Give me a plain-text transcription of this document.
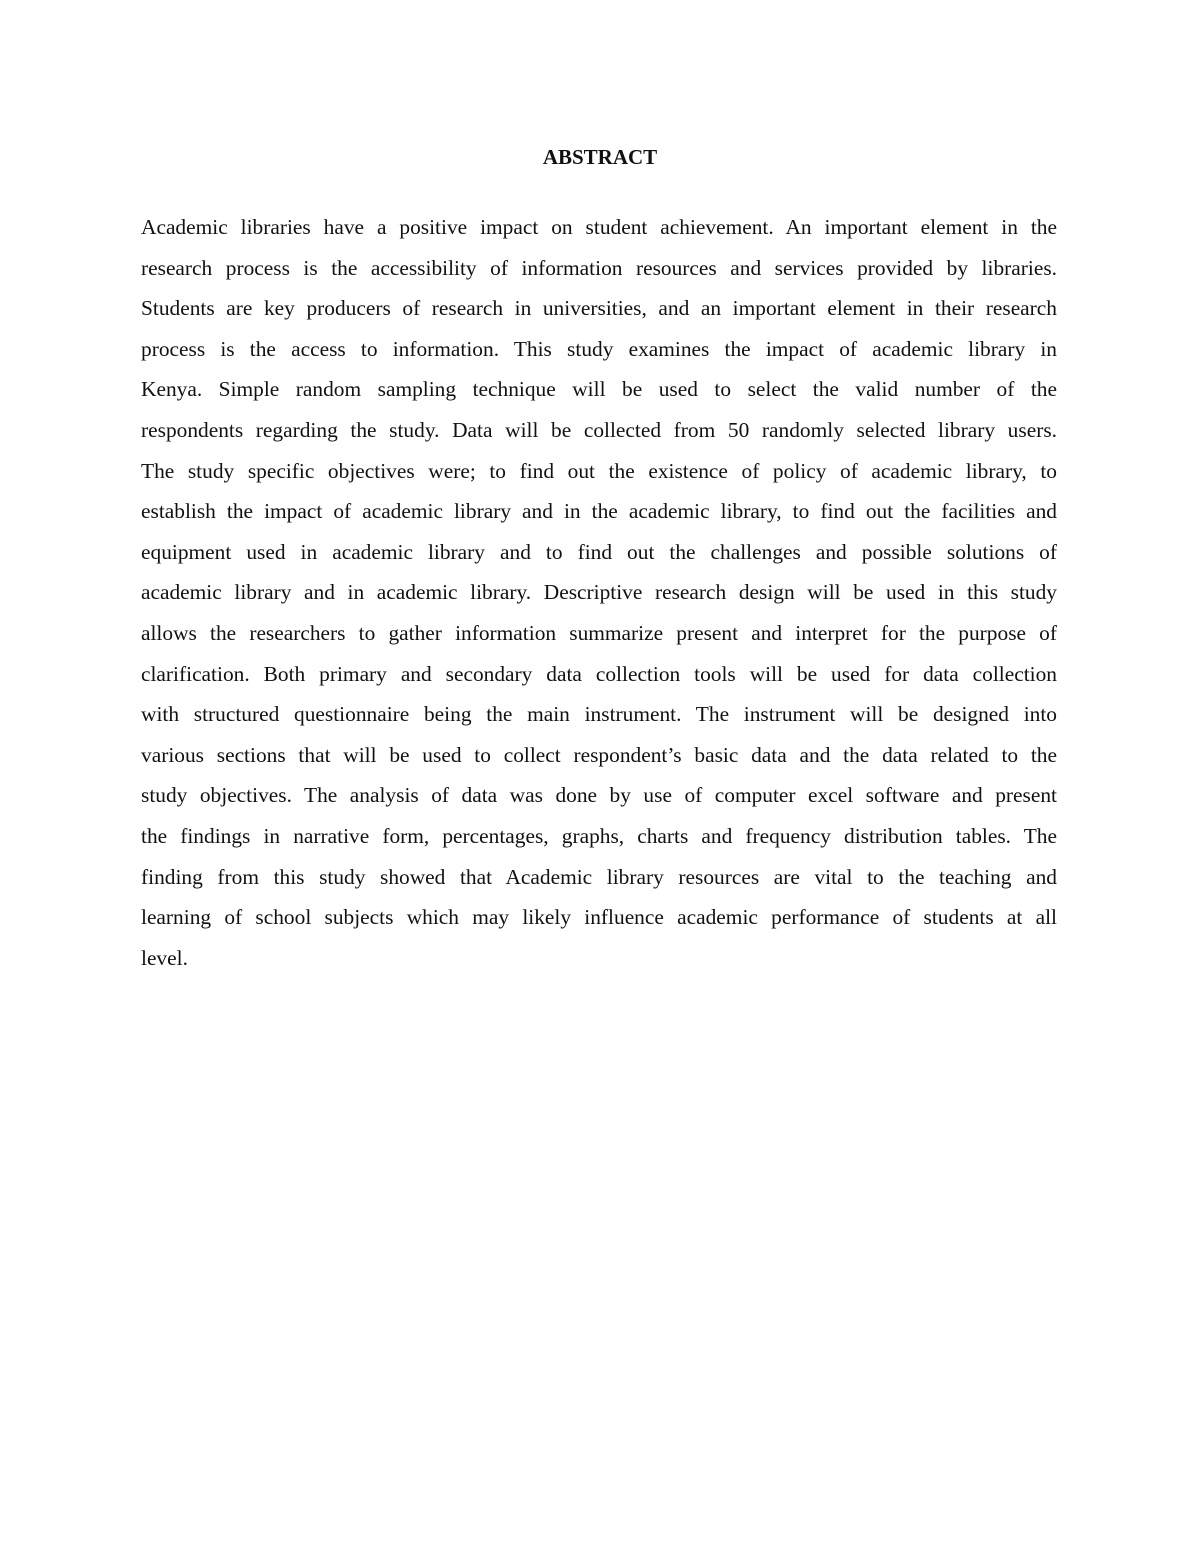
ABSTRACT
Academic libraries have a positive impact on student achievement. An important element in the
research process is the accessibility of information resources and services provided by libraries.
Students are key producers of research in universities, and an important element in their research
process is the access to information. This study examines the impact of academic library in
Kenya. Simple random sampling technique will be used to select the valid number of the
respondents regarding the study. Data will be collected from 50 randomly selected library users.
The study specific objectives were; to find out the existence of policy of academic library, to
establish the impact of academic library and in the academic library, to find out the facilities and
equipment used in academic library and to find out the challenges and possible solutions of
academic library and in academic library. Descriptive research design will be used in this study
allows the researchers to gather information summarize present and interpret for the purpose of
clarification. Both primary and secondary data collection tools will be used for data collection
with structured questionnaire being the main instrument. The instrument will be designed into
various sections that will be used to collect respondent’s basic data and the data related to the
study objectives. The analysis of data was done by use of computer excel software and present
the findings in narrative form, percentages, graphs, charts and frequency distribution tables. The
finding from this study showed that Academic library resources are vital to the teaching and
learning of school subjects which may likely influence academic performance of students at all
level.
